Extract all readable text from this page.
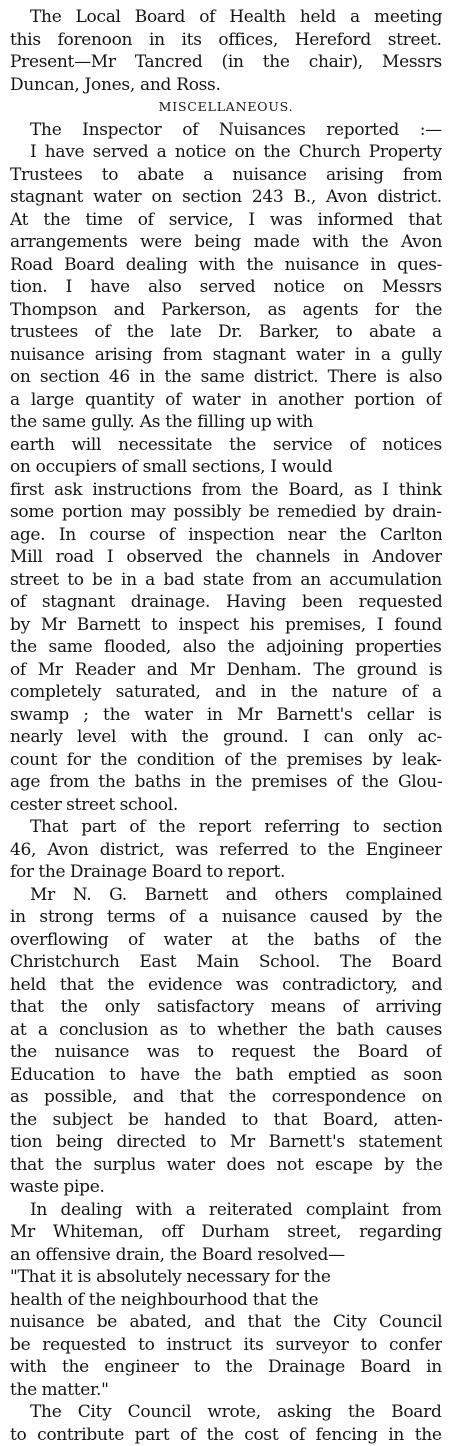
The Local Board of Health held a meeting
this forenoon in its offices, Hereford street.
Present—Mr Tancred (in the chair), Messrs
Duncan, Jones, and Ross.
MISCELLANEOUS.
The Inspector of Nuisances reported :—
I have served a notice on the Church Property
Trustees to abate a nuisance arising from
stagnant water on section 243 B., Avon district.
At the time of service, I was informed that
arrangements were being made with the Avon
Road Board dealing with the nuisance in ques-
tion. I have also served notice on Messrs
Thompson and Parkerson, as agents for the
trustees of the late Dr. Barker, to abate a
nuisance arising from stagnant water in a gully
on section 46 in the same district. There is also
a large quantity of water in another portion of
the same gully. As the filling up with
earth will necessitate the service of notices
on occupiers of small sections, I would
first ask instructions from the Board, as I think
some portion may possibly be remedied by drain-
age. In course of inspection near the Carlton
Mill road I observed the channels in Andover
street to be in a bad state from an accumulation
of stagnant drainage. Having been requested
by Mr Barnett to inspect his premises, I found
the same flooded, also the adjoining properties
of Mr Reader and Mr Denham. The ground is
completely saturated, and in the nature of a
swamp ; the water in Mr Barnett's cellar is
nearly level with the ground. I can only ac-
count for the condition of the premises by leak-
age from the baths in the premises of the Glou-
cester street school.
That part of the report referring to section
46, Avon district, was referred to the Engineer
for the Drainage Board to report.
Mr N. G. Barnett and others complained
in strong terms of a nuisance caused by the
overflowing of water at the baths of the
Christchurch East Main School. The Board
held that the evidence was contradictory, and
that the only satisfactory means of arriving
at a conclusion as to whether the bath causes
the nuisance was to request the Board of
Education to have the bath emptied as soon
as possible, and that the correspondence on
the subject be handed to that Board, atten-
tion being directed to Mr Barnett's statement
that the surplus water does not escape by the
waste pipe.
In dealing with a reiterated complaint from
Mr Whiteman, off Durham street, regarding
an offensive drain, the Board resolved—
"That it is absolutely necessary for the
health of the neighbourhood that the
nuisance be abated, and that the City Council
be requested to instruct its surveyor to confer
with the engineer to the Drainage Board in
the matter."
The City Council wrote, asking the Board
to contribute part of the cost of fencing in the
